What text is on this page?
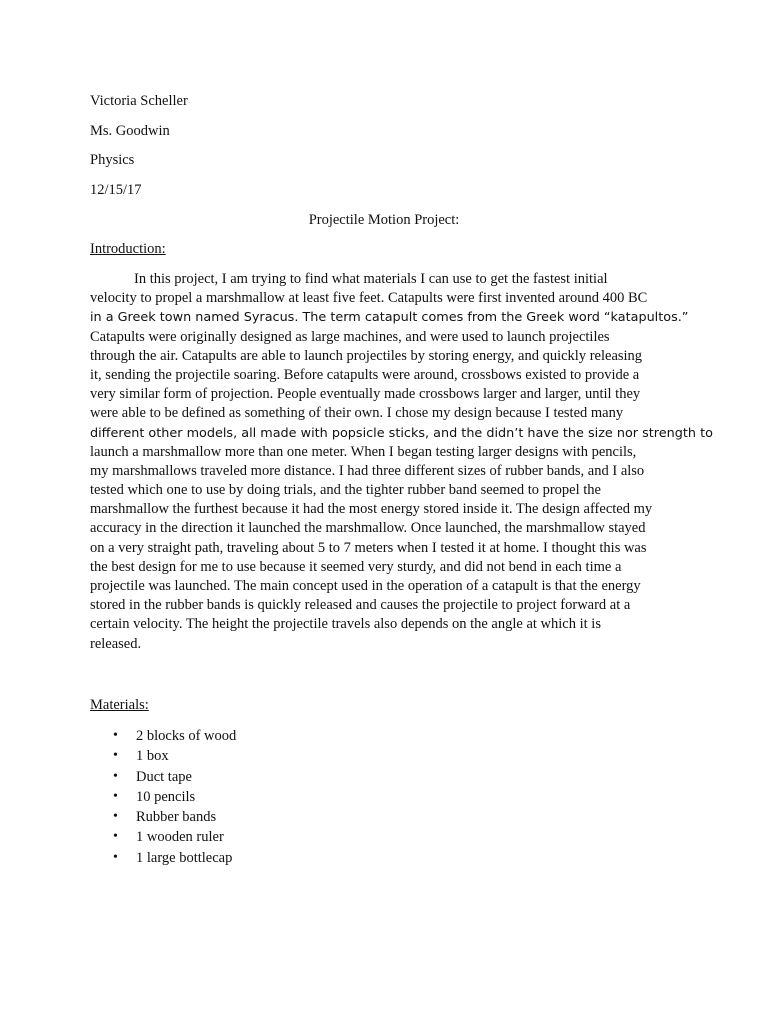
Victoria Scheller
Ms. Goodwin
Physics
12/15/17
Projectile Motion Project:
Introduction:
In this project, I am trying to find what materials I can use to get the fastest initial
velocity to propel a marshmallow at least five feet. Catapults were first invented around 400 BC
in a Greek town named Syracus. The term catapult comes from the Greek word “katapultos.”
Catapults were originally designed as large machines, and were used to launch projectiles
through the air. Catapults are able to launch projectiles by storing energy, and quickly releasing
it, sending the projectile soaring. Before catapults were around, crossbows existed to provide a
very similar form of projection. People eventually made crossbows larger and larger, until they
were able to be defined as something of their own. I chose my design because I tested many
different other models, all made with popsicle sticks, and the didn’t have the size nor strength to
launch a marshmallow more than one meter. When I began testing larger designs with pencils,
my marshmallows traveled more distance. I had three different sizes of rubber bands, and I also
tested which one to use by doing trials, and the tighter rubber band seemed to propel the
marshmallow the furthest because it had the most energy stored inside it. The design affected my
accuracy in the direction it launched the marshmallow. Once launched, the marshmallow stayed
on a very straight path, traveling about 5 to 7 meters when I tested it at home. I thought this was
the best design for me to use because it seemed very sturdy, and did not bend in each time a
projectile was launched. The main concept used in the operation of a catapult is that the energy
stored in the rubber bands is quickly released and causes the projectile to project forward at a
certain velocity. The height the projectile travels also depends on the angle at which it is
released.
Materials:
• 2 blocks of wood
• 1 box
• Duct tape
• 10 pencils
• Rubber bands
• 1 wooden ruler
• 1 large bottlecap
